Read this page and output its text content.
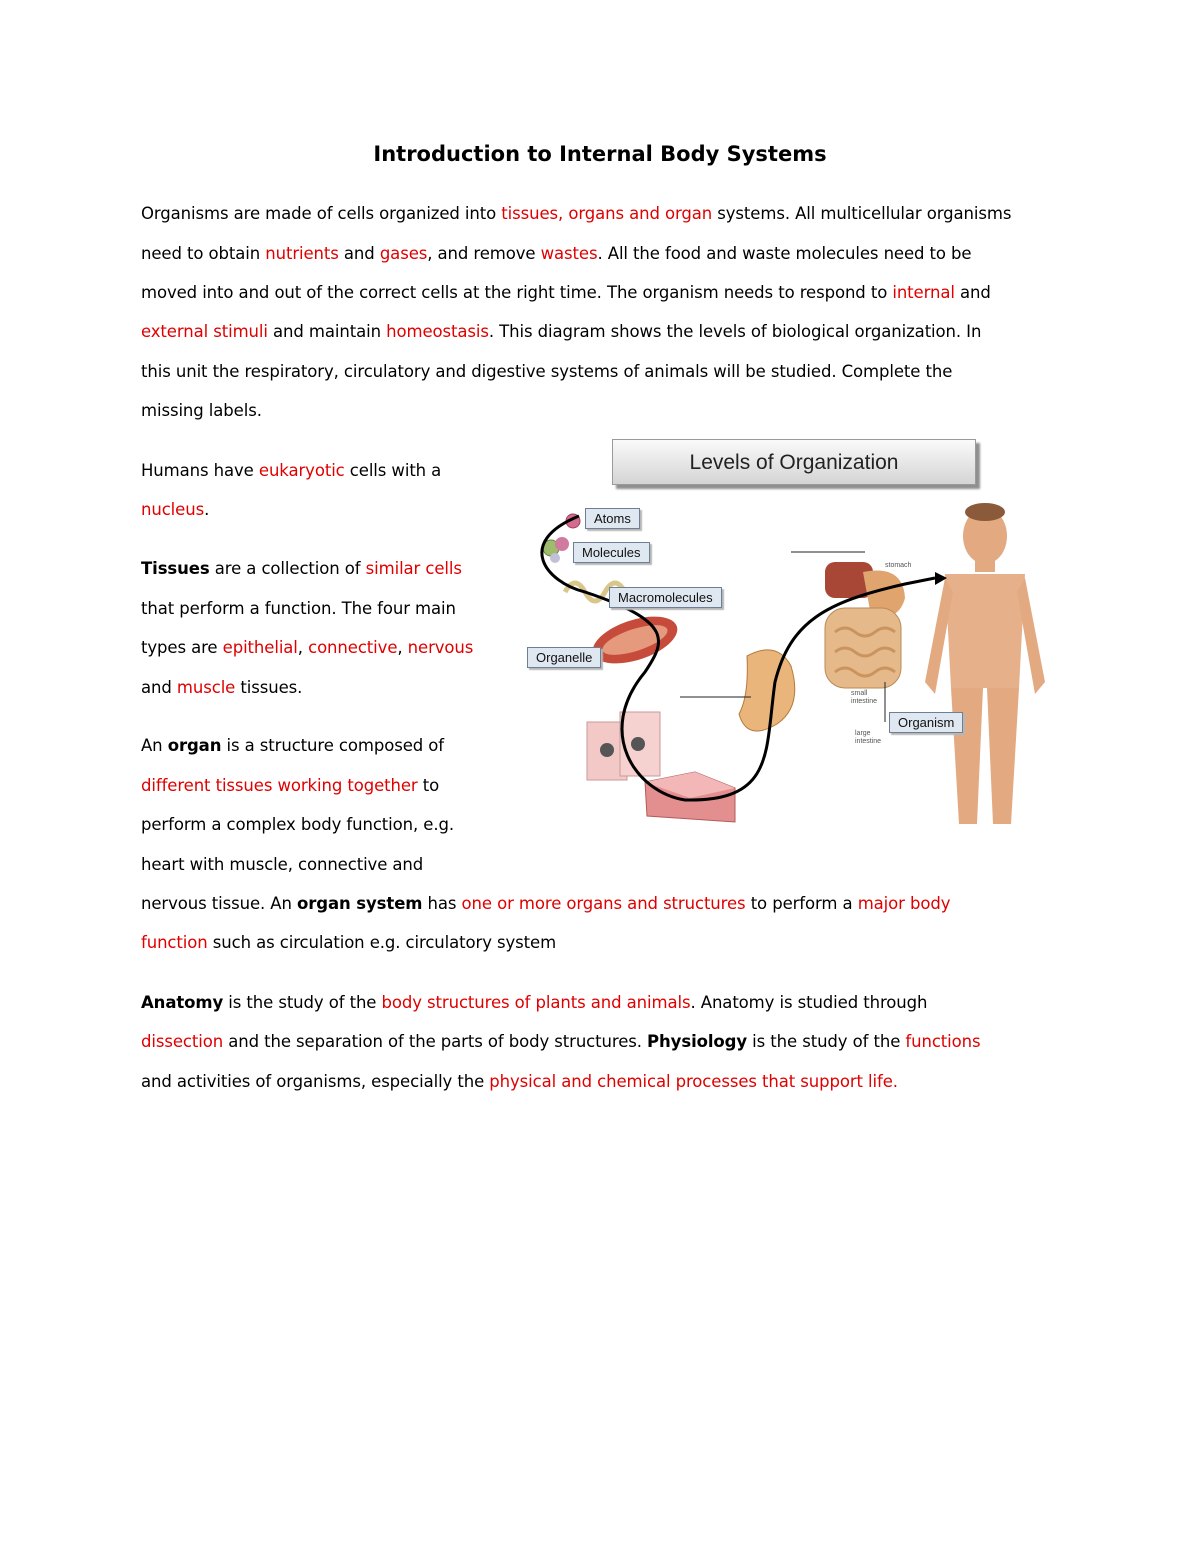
Introduction to Internal Body Systems
Organisms are made of cells organized into tissues, organs and organ systems. All multicellular organisms
need to obtain nutrients and gases, and remove wastes. All the food and waste molecules need to be
moved into and out of the correct cells at the right time. The organism needs to respond to internal and
external stimuli and maintain homeostasis. This diagram shows the levels of biological organization. In
this unit the respiratory, circulatory and digestive systems of animals will be studied. Complete the
missing labels.
Humans have eukaryotic cells with a
nucleus.
Tissues are a collection of similar cells
that perform a function. The four main
types are epithelial, connective, nervous
and muscle tissues.
An organ is a structure composed of
different tissues working together to
perform a complex body function, e.g.
heart with muscle, connective and
nervous tissue. An organ system has one or more organs and structures to perform a major body
function such as circulation e.g. circulatory system
Anatomy is the study of the body structures of plants and animals. Anatomy is studied through
dissection and the separation of the parts of body structures. Physiology is the study of the functions
and activities of organisms, especially the physical and chemical processes that support life.
Levels of Organization
Atoms
Molecules
Macromolecules
Organelle
Organism
stomach
small intestine
large intestine
